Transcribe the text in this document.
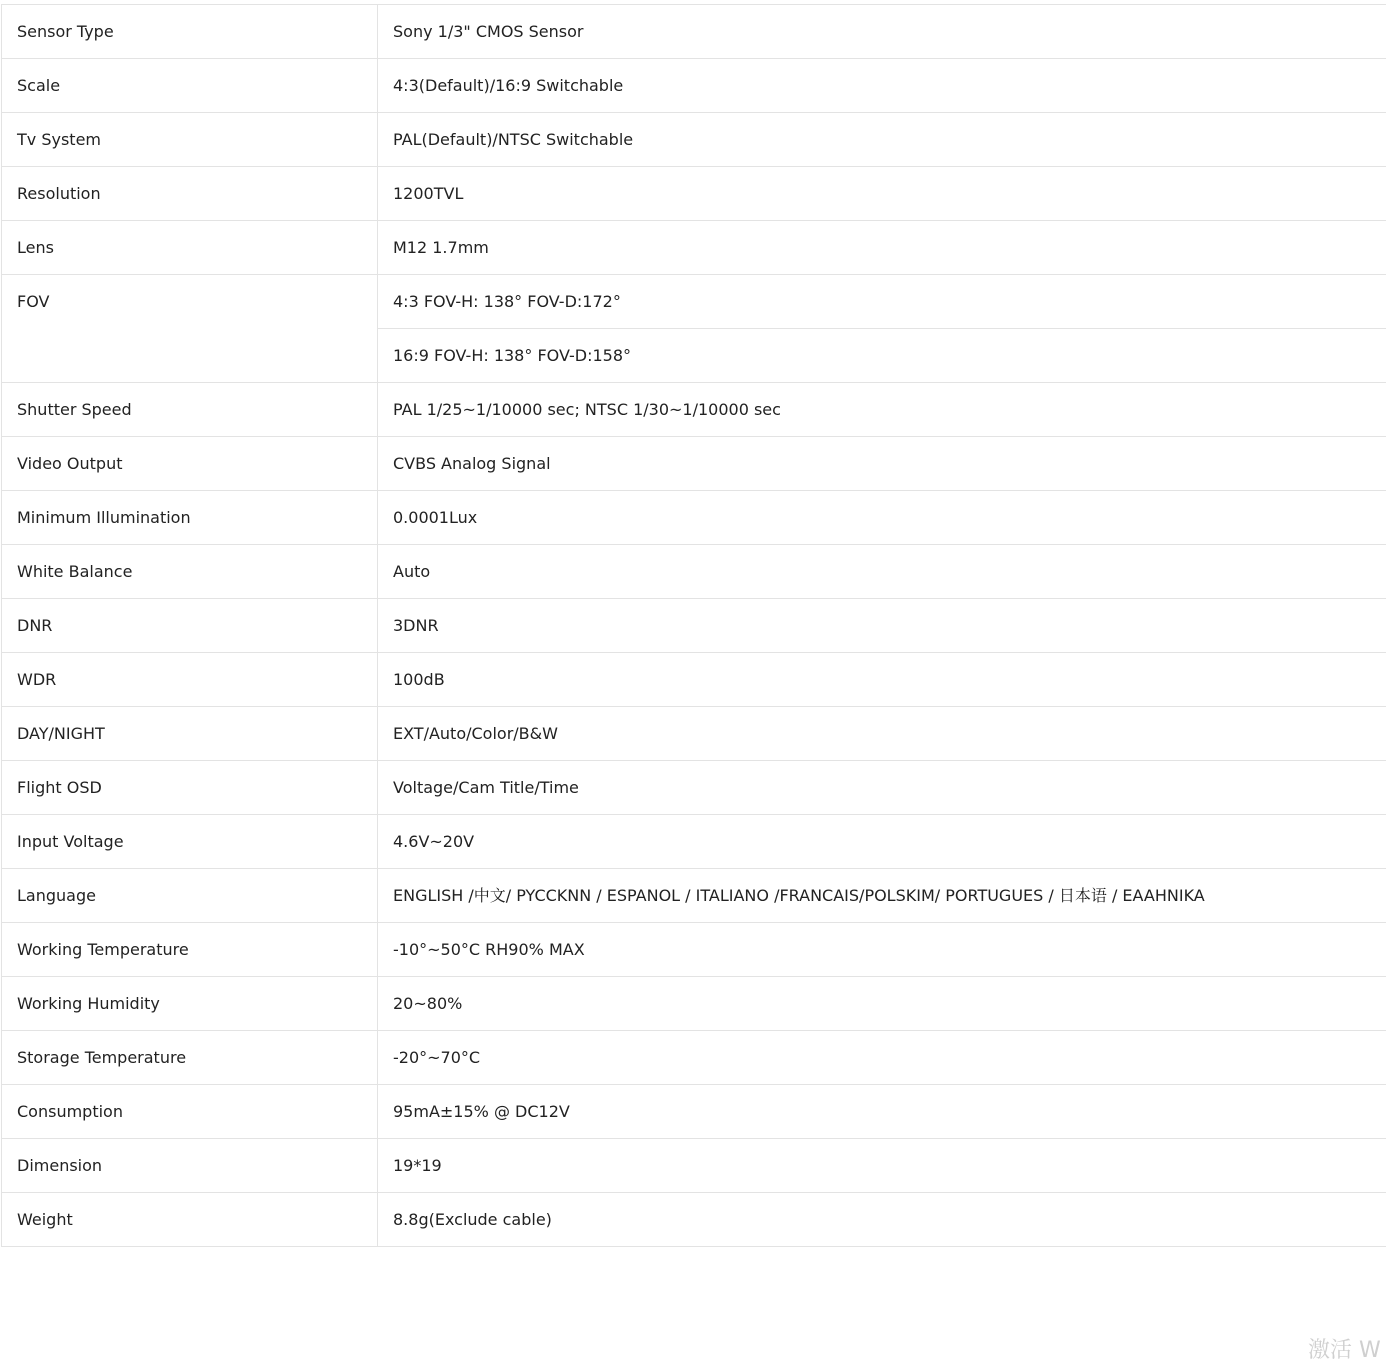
Sensor Type	Sony 1/3" CMOS Sensor
Scale	4:3(Default)/16:9 Switchable
Tv System	PAL(Default)/NTSC Switchable
Resolution	1200TVL
Lens	M12 1.7mm
FOV	4:3 FOV-H: 138° FOV-D:172°
	16:9 FOV-H: 138° FOV-D:158°
Shutter Speed	PAL 1/25~1/10000 sec; NTSC 1/30~1/10000 sec
Video Output	CVBS Analog Signal
Minimum Illumination	0.0001Lux
White Balance	Auto
DNR	3DNR
WDR	100dB
DAY/NIGHT	EXT/Auto/Color/B&W
Flight OSD	Voltage/Cam Title/Time
Input Voltage	4.6V~20V
Language	ENGLISH /中文/ PYCCKNN / ESPANOL / ITALIANO /FRANCAIS/POLSKIM/ PORTUGUES / 日本语 / EAAHNIKA
Working Temperature	-10°~50°C RH90% MAX
Working Humidity	20~80%
Storage Temperature	-20°~70°C
Consumption	95mA±15% @ DC12V
Dimension	19*19
Weight	8.8g(Exclude cable)
激活 W
